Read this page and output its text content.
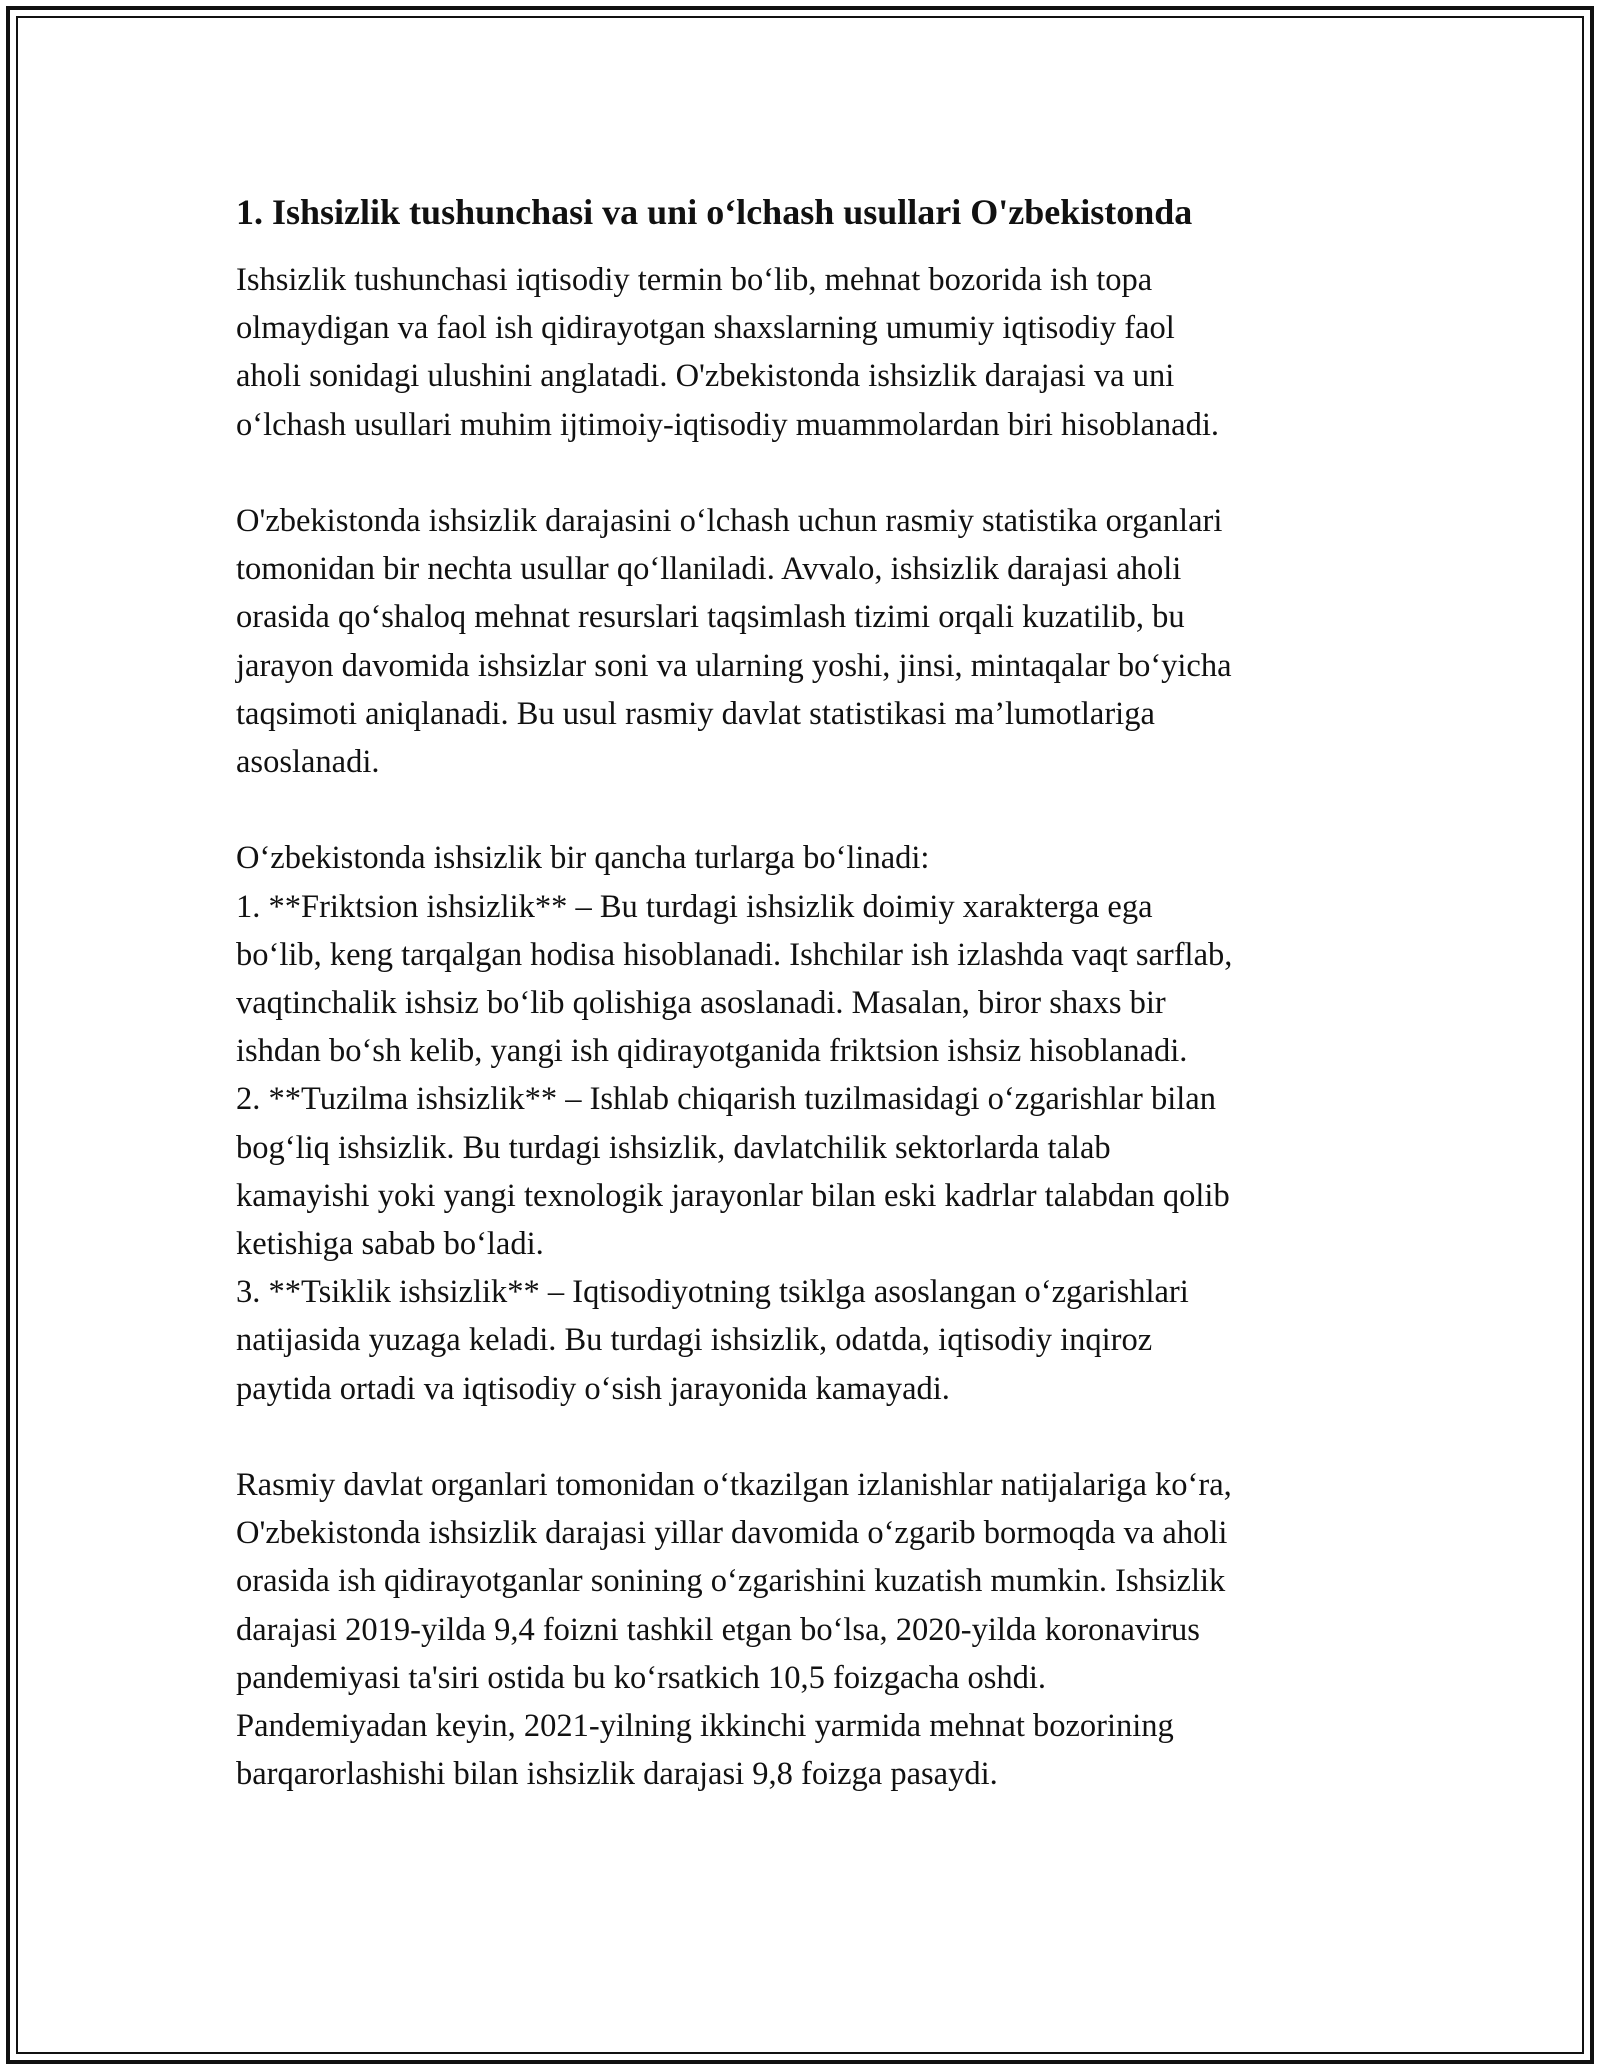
1. Ishsizlik tushunchasi va uni o‘lchash usullari O'zbekistonda

Ishsizlik tushunchasi iqtisodiy termin bo‘lib, mehnat bozorida ish topa
olmaydigan va faol ish qidirayotgan shaxslarning umumiy iqtisodiy faol
aholi sonidagi ulushini anglatadi. O'zbekistonda ishsizlik darajasi va uni
o‘lchash usullari muhim ijtimoiy-iqtisodiy muammolardan biri hisoblanadi.

O'zbekistonda ishsizlik darajasini o‘lchash uchun rasmiy statistika organlari
tomonidan bir nechta usullar qo‘llaniladi. Avvalo, ishsizlik darajasi aholi
orasida qo‘shaloq mehnat resurslari taqsimlash tizimi orqali kuzatilib, bu
jarayon davomida ishsizlar soni va ularning yoshi, jinsi, mintaqalar bo‘yicha
taqsimoti aniqlanadi. Bu usul rasmiy davlat statistikasi ma’lumotlariga
asoslanadi.

O‘zbekistonda ishsizlik bir qancha turlarga bo‘linadi:
1. **Friktsion ishsizlik** – Bu turdagi ishsizlik doimiy xarakterga ega
bo‘lib, keng tarqalgan hodisa hisoblanadi. Ishchilar ish izlashda vaqt sarflab,
vaqtinchalik ishsiz bo‘lib qolishiga asoslanadi. Masalan, biror shaxs bir
ishdan bo‘sh kelib, yangi ish qidirayotganida friktsion ishsiz hisoblanadi.
2. **Tuzilma ishsizlik** – Ishlab chiqarish tuzilmasidagi o‘zgarishlar bilan
bog‘liq ishsizlik. Bu turdagi ishsizlik, davlatchilik sektorlarda talab
kamayishi yoki yangi texnologik jarayonlar bilan eski kadrlar talabdan qolib
ketishiga sabab bo‘ladi.
3. **Tsiklik ishsizlik** – Iqtisodiyotning tsiklga asoslangan o‘zgarishlari
natijasida yuzaga keladi. Bu turdagi ishsizlik, odatda, iqtisodiy inqiroz
paytida ortadi va iqtisodiy o‘sish jarayonida kamayadi.

Rasmiy davlat organlari tomonidan o‘tkazilgan izlanishlar natijalariga ko‘ra,
O'zbekistonda ishsizlik darajasi yillar davomida o‘zgarib bormoqda va aholi
orasida ish qidirayotganlar sonining o‘zgarishini kuzatish mumkin. Ishsizlik
darajasi 2019-yilda 9,4 foizni tashkil etgan bo‘lsa, 2020-yilda koronavirus
pandemiyasi ta'siri ostida bu ko‘rsatkich 10,5 foizgacha oshdi.
Pandemiyadan keyin, 2021-yilning ikkinchi yarmida mehnat bozorining
barqarorlashishi bilan ishsizlik darajasi 9,8 foizga pasaydi.
